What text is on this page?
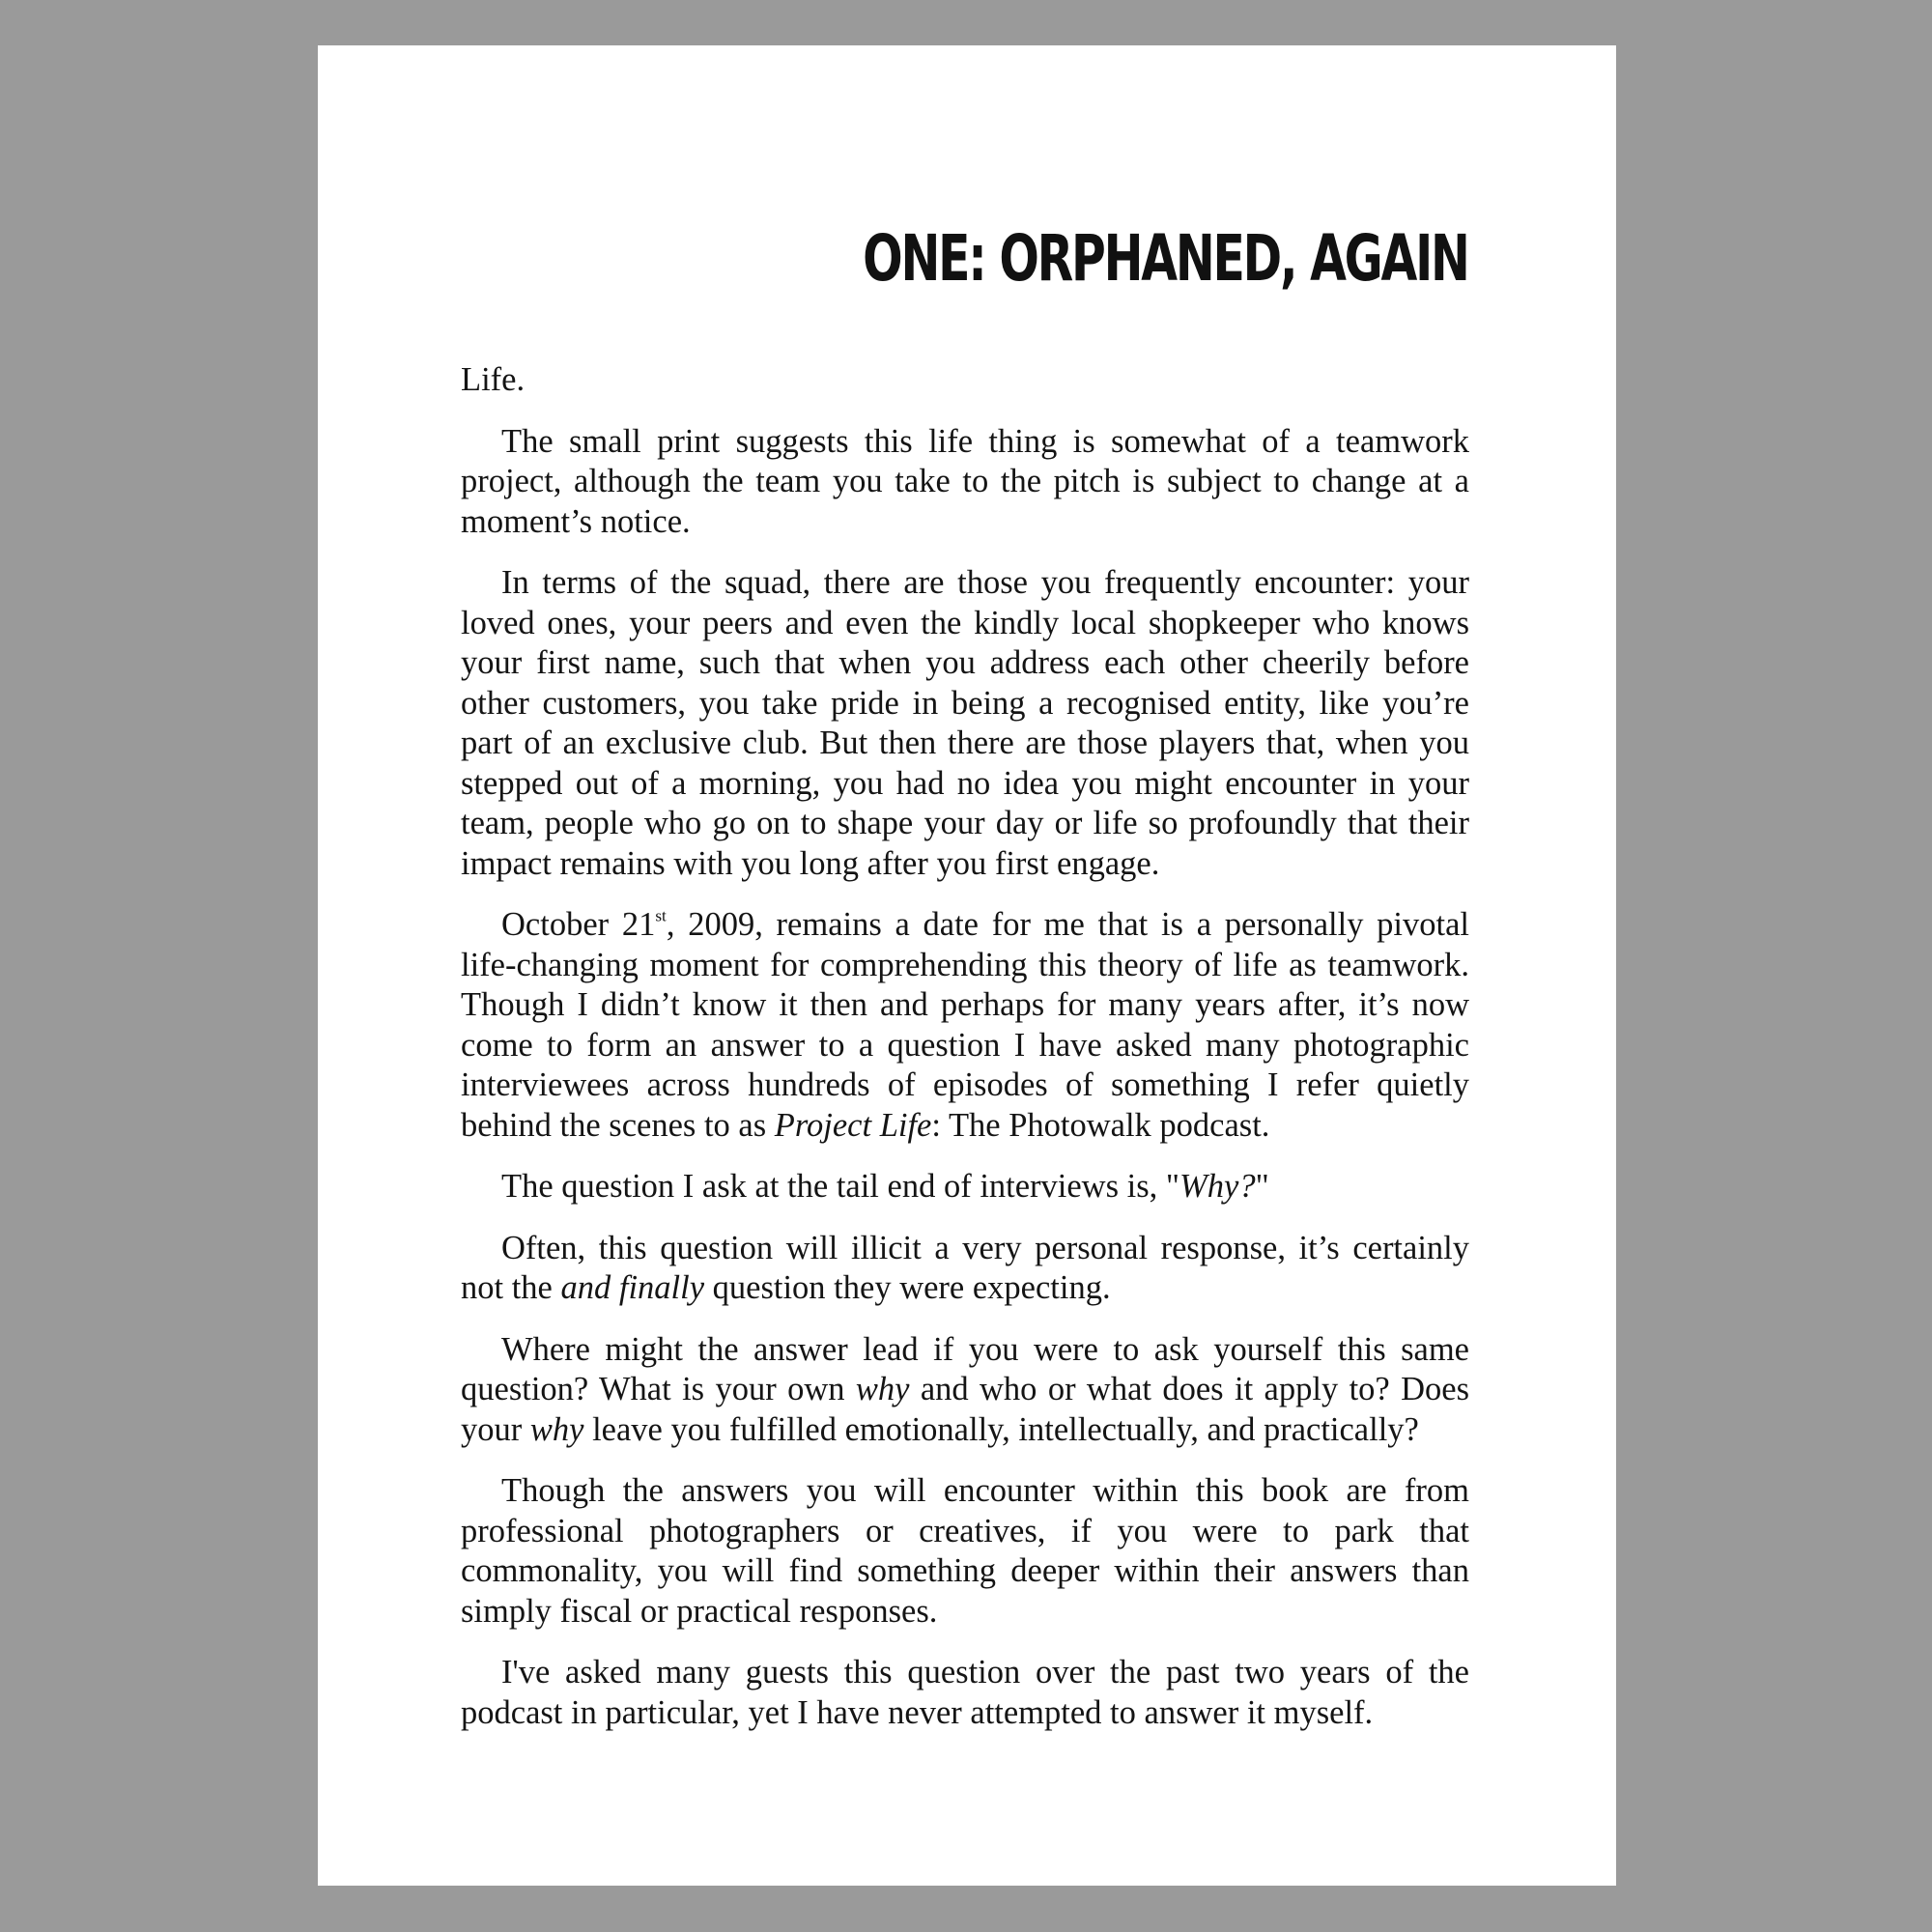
ONE: ORPHANED, AGAIN

Life.

The small print suggests this life thing is somewhat of a teamwork project, although the team you take to the pitch is subject to change at a moment’s notice.

In terms of the squad, there are those you frequently encounter: your loved ones, your peers and even the kindly local shopkeeper who knows your first name, such that when you address each other cheerily before other customers, you take pride in being a recognised entity, like you’re part of an exclusive club. But then there are those players that, when you stepped out of a morning, you had no idea you might encounter in your team, people who go on to shape your day or life so profoundly that their impact remains with you long after you first engage.

October 21st, 2009, remains a date for me that is a personally pivotal life-changing moment for comprehending this theory of life as teamwork. Though I didn’t know it then and perhaps for many years after, it’s now come to form an answer to a question I have asked many photographic interviewees across hundreds of episodes of something I refer quietly behind the scenes to as Project Life: The Photowalk podcast.

The question I ask at the tail end of interviews is, "Why?"

Often, this question will illicit a very personal response, it’s certainly not the and finally question they were expecting.

Where might the answer lead if you were to ask yourself this same question? What is your own why and who or what does it apply to? Does your why leave you fulfilled emotionally, intellectually, and practically?

Though the answers you will encounter within this book are from professional photographers or creatives, if you were to park that commonality, you will find something deeper within their answers than simply fiscal or practical responses.

I've asked many guests this question over the past two years of the podcast in particular, yet I have never attempted to answer it myself.
